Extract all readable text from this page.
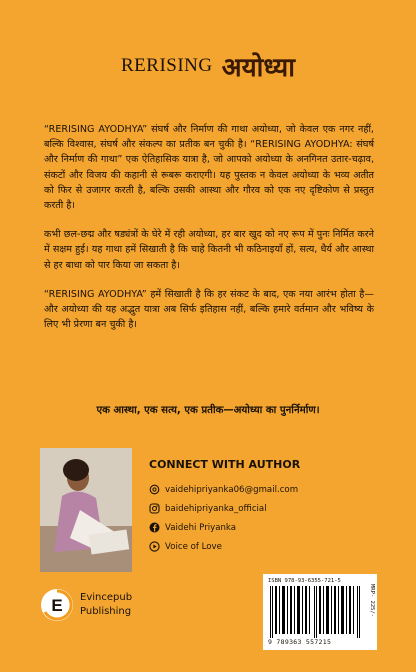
RERISING अयोध्या

“RERISING AYODHYA” संघर्ष और निर्माण की गाथा अयोध्या, जो केवल एक नगर नहीं, बल्कि विश्वास, संघर्ष और संकल्प का प्रतीक बन चुकी है। “RERISING AYODHYA: संघर्ष और निर्माण की गाथा” एक ऐतिहासिक यात्रा है, जो आपको अयोध्या के अनगिनत उतार-चढ़ाव, संकटों और विजय की कहानी से रूबरू कराएगी। यह पुस्तक न केवल अयोध्या के भव्य अतीत को फिर से उजागर करती है, बल्कि उसकी आस्था और गौरव को एक नए दृष्टिकोण से प्रस्तुत करती है।

कभी छल-छद्म और षड्यंत्रों के घेरे में रही अयोध्या, हर बार खुद को नए रूप में पुनः निर्मित करने में सक्षम हुई। यह गाथा हमें सिखाती है कि चाहे कितनी भी कठिनाइयाँ हों, सत्य, धैर्य और आस्था से हर बाधा को पार किया जा सकता है।

“RERISING AYODHYA” हमें सिखाती है कि हर संकट के बाद, एक नया आरंभ होता है—और अयोध्या की यह अद्भुत यात्रा अब सिर्फ इतिहास नहीं, बल्कि हमारे वर्तमान और भविष्य के लिए भी प्रेरणा बन चुकी है।

एक आस्था, एक सत्य, एक प्रतीक—अयोध्या का पुनर्निर्माण।
CONNECT WITH AUTHOR
vaidehipriyanka06@gmail.com
baidehipriyanka_official
Vaidehi Priyanka
Voice of Love
E Evincepub
Publishing
ISBN 978-93-6355-721-5
MRP- 225/-
9 789363 557215
